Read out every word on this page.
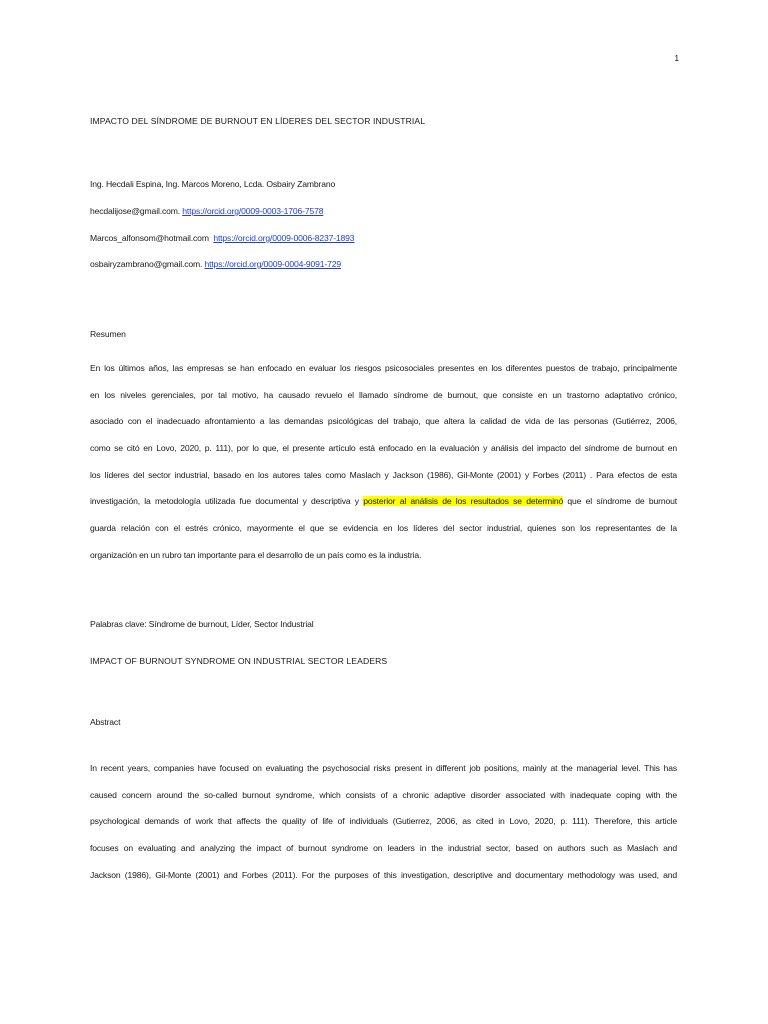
1
IMPACTO DEL SÍNDROME DE BURNOUT EN LÍDERES DEL SECTOR INDUSTRIAL
Ing. Hecdali Espina, Ing. Marcos Moreno, Lcda. Osbairy Zambrano
hecdalijose@gmail.com. https://orcid.org/0009-0003-1706-7578
Marcos_alfonsom@hotmail.com https://orcid.org/0009-0006-8237-1893
osbairyzambrano@gmail.com. https://orcid.org/0009-0004-9091-729
Resumen
En los últimos años, las empresas se han enfocado en evaluar los riesgos psicosociales presentes en los diferentes puestos de trabajo, principalmente
en los niveles gerenciales, por tal motivo, ha causado revuelo el llamado síndrome de burnout, que consiste en un trastorno adaptativo crónico,
asociado con el inadecuado afrontamiento a las demandas psicológicas del trabajo, que altera la calidad de vida de las personas (Gutiérrez, 2006,
como se citó en Lovo, 2020, p. 111), por lo que, el presente artículo está enfocado en la evaluación y análisis del impacto del síndrome de burnout en
los líderes del sector industrial, basado en los autores tales como Maslach y Jackson (1986), Gil-Monte (2001) y Forbes (2011) . Para efectos de esta
investigación, la metodología utilizada fue documental y descriptiva y posterior al análisis de los resultados se determinó que el síndrome de burnout
guarda relación con el estrés crónico, mayormente el que se evidencia en los líderes del sector industrial, quienes son los representantes de la
organización en un rubro tan importante para el desarrollo de un país como es la industria.
Palabras clave: Síndrome de burnout, Líder, Sector Industrial
IMPACT OF BURNOUT SYNDROME ON INDUSTRIAL SECTOR LEADERS
Abstract
In recent years, companies have focused on evaluating the psychosocial risks present in different job positions, mainly at the managerial level. This has
caused concern around the so-called burnout syndrome, which consists of a chronic adaptive disorder associated with inadequate coping with the
psychological demands of work that affects the quality of life of individuals (Gutierrez, 2006, as cited in Lovo, 2020, p. 111). Therefore, this article
focuses on evaluating and analyzing the impact of burnout syndrome on leaders in the industrial sector, based on authors such as Maslach and
Jackson (1986), Gil-Monte (2001) and Forbes (2011). For the purposes of this investigation, descriptive and documentary methodology was used, and
